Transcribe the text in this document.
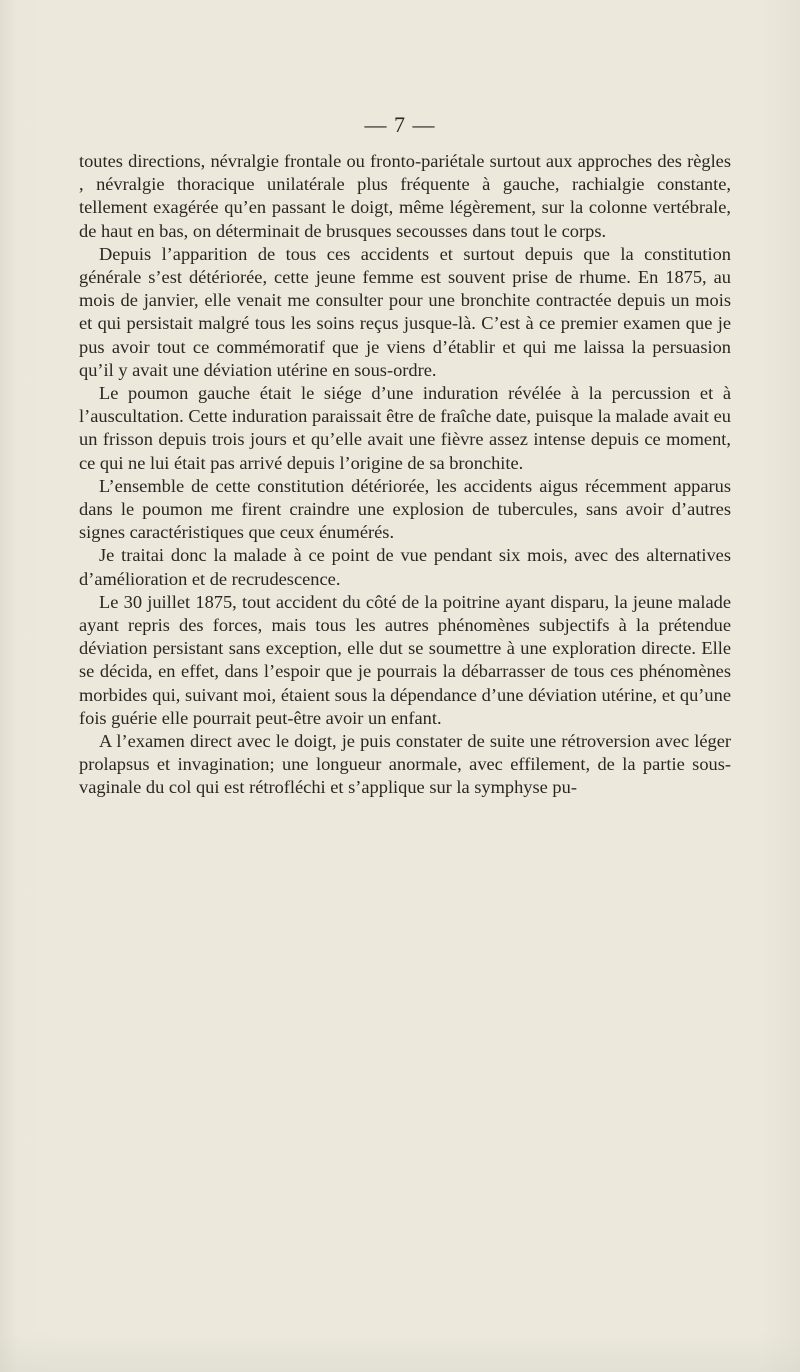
— 7 —

toutes directions, névralgie frontale ou fronto-pariétale surtout aux approches des règles , névralgie thoracique unilatérale plus fréquente à gauche, rachialgie constante, tellement exagérée qu’en passant le doigt, même légèrement, sur la colonne vertébrale, de haut en bas, on déterminait de brusques secousses dans tout le corps.

Depuis l’apparition de tous ces accidents et surtout depuis que la constitution générale s’est détériorée, cette jeune femme est souvent prise de rhume. En 1875, au mois de janvier, elle venait me consulter pour une bronchite contractée depuis un mois et qui persistait malgré tous les soins reçus jusque-là. C’est à ce premier examen que je pus avoir tout ce commémoratif que je viens d’établir et qui me laissa la persuasion qu’il y avait une déviation utérine en sous-ordre.

Le poumon gauche était le siége d’une induration révélée à la percussion et à l’auscultation. Cette induration paraissait être de fraîche date, puisque la malade avait eu un frisson depuis trois jours et qu’elle avait une fièvre assez intense depuis ce moment, ce qui ne lui était pas arrivé depuis l’origine de sa bronchite.

L’ensemble de cette constitution détériorée, les accidents aigus récemment apparus dans le poumon me firent craindre une explosion de tubercules, sans avoir d’autres signes caractéristiques que ceux énumérés.

Je traitai donc la malade à ce point de vue pendant six mois, avec des alternatives d’amélioration et de recrudescence.

Le 30 juillet 1875, tout accident du côté de la poitrine ayant disparu, la jeune malade ayant repris des forces, mais tous les autres phénomènes subjectifs à la prétendue déviation persistant sans exception, elle dut se soumettre à une exploration directe. Elle se décida, en effet, dans l’espoir que je pourrais la débarrasser de tous ces phénomènes morbides qui, suivant moi, étaient sous la dépendance d’une déviation utérine, et qu’une fois guérie elle pourrait peut-être avoir un enfant.

A l’examen direct avec le doigt, je puis constater de suite une rétroversion avec léger prolapsus et invagination; une longueur anormale, avec effilement, de la partie sous-vaginale du col qui est rétrofléchi et s’applique sur la symphyse pu-
